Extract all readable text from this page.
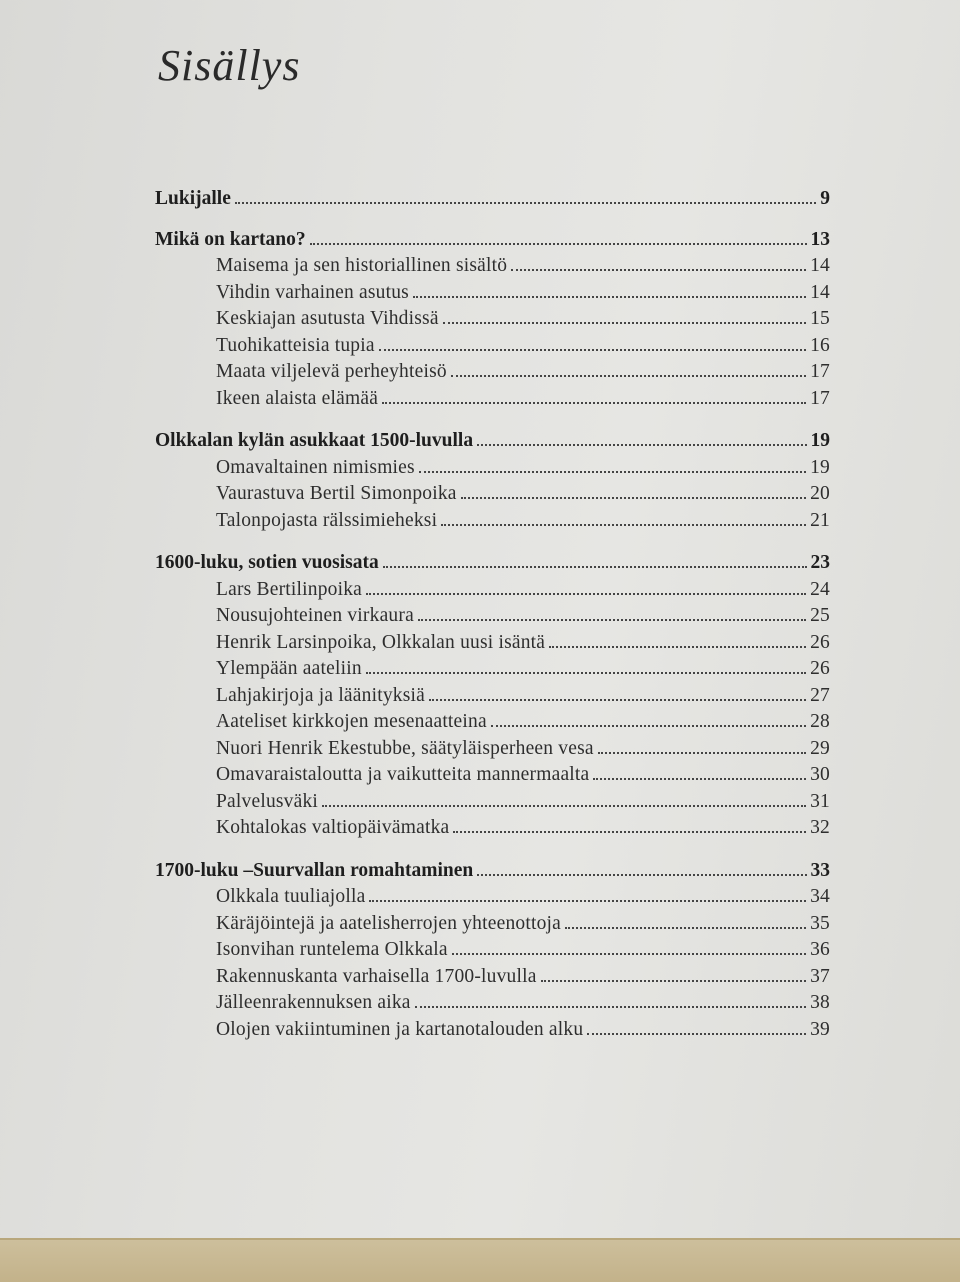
Sisällys
Lukijalle	9
Mikä on kartano?	13
Maisema ja sen historiallinen sisältö	14
Vihdin varhainen asutus	14
Keskiajan asutusta Vihdissä	15
Tuohikatteisia tupia	16
Maata viljelevä perheyhteisö	17
Ikeen alaista elämää	17
Olkkalan kylän asukkaat 1500-luvulla	19
Omavaltainen nimismies	19
Vaurastuva Bertil Simonpoika	20
Talonpojasta rälssimieheksi	21
1600-luku, sotien vuosisata	23
Lars Bertilinpoika	24
Nousujohteinen virkaura	25
Henrik Larsinpoika, Olkkalan uusi isäntä	26
Ylempään aateliin	26
Lahjakirjoja ja läänityksiä	27
Aateliset kirkkojen mesenaatteina	28
Nuori Henrik Ekestubbe, säätyläisperheen vesa	29
Omavaraistaloutta ja vaikutteita mannermaalta	30
Palvelusväki	31
Kohtalokas valtiopäivämatka	32
1700-luku –Suurvallan romahtaminen	33
Olkkala tuuliajolla	34
Käräjöintejä ja aatelisherrojen yhteenottoja	35
Isonvihan runtelema Olkkala	36
Rakennuskanta varhaisella 1700-luvulla	37
Jälleenrakennuksen aika	38
Olojen vakiintuminen ja kartanotalouden alku	39
